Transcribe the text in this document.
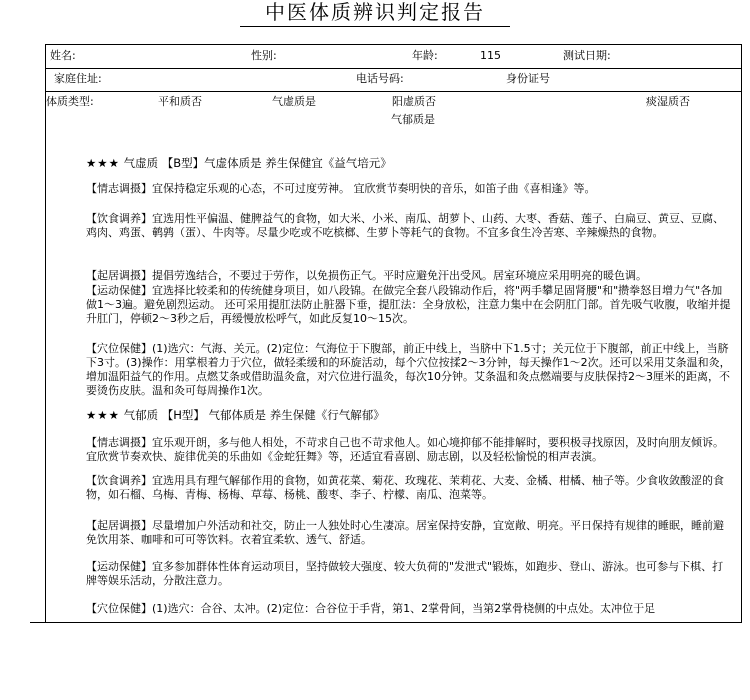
中医体质辨识判定报告
姓名:	性别:	年龄:	115	测试日期:
家庭住址:	电话号码:	身份证号
体质类型:	平和质否	气虚质是	阳虚质否	痰湿质否
气郁质是
★★★ 气虚质 【B型】气虚体质是 养生保健宜《益气培元》
【情志调摄】宜保持稳定乐观的心态，不可过度劳神。 宜欣赏节奏明快的音乐，如笛子曲《喜相逢》等。
【饮食调养】宜选用性平偏温、健脾益气的食物，如大米、小米、南瓜、胡萝卜、山药、大枣、香菇、莲子、白扁豆、黄豆、豆腐、鸡肉、鸡蛋、鹌鹑（蛋）、牛肉等。尽量少吃或不吃槟榔、生萝卜等耗气的食物。不宜多食生冷苦寒、辛辣燥热的食物。
【起居调摄】提倡劳逸结合，不要过于劳作，以免损伤正气。平时应避免汗出受风。居室环境应采用明亮的暖色调。
【运动保健】宜选择比较柔和的传统健身项目，如八段锦。在做完全套八段锦动作后，将"两手攀足固肾腰"和"攒拳怒目增力气"各加做1～3遍。避免剧烈运动。 还可采用提肛法防止脏器下垂，提肛法：全身放松，注意力集中在会阴肛门部。首先吸气收腹，收缩并提升肛门，停顿2～3秒之后，再缓慢放松呼气，如此反复10～15次。
【穴位保健】(1)选穴：气海、关元。(2)定位：气海位于下腹部，前正中线上，当脐中下1.5寸；关元位于下腹部，前正中线上，当脐下3寸。(3)操作：用掌根着力于穴位，做轻柔缓和的环旋活动，每个穴位按揉2～3分钟，每天操作1～2次。还可以采用艾条温和灸，增加温阳益气的作用。点燃艾条或借助温灸盒，对穴位进行温灸，每次10分钟。艾条温和灸点燃端要与皮肤保持2～3厘米的距离，不要烫伤皮肤。温和灸可每周操作1次。
★★★ 气郁质 【H型】 气郁体质是 养生保健《行气解郁》
【情志调摄】宜乐观开朗，多与他人相处，不苛求自己也不苛求他人。如心境抑郁不能排解时，要积极寻找原因，及时向朋友倾诉。宜欣赏节奏欢快、旋律优美的乐曲如《金蛇狂舞》等，还适宜看喜剧、励志剧，以及轻松愉悦的相声表演。
【饮食调养】宜选用具有理气解郁作用的食物，如黄花菜、菊花、玫瑰花、茉莉花、大麦、金橘、柑橘、柚子等。少食收敛酸涩的食物，如石榴、乌梅、青梅、杨梅、草莓、杨桃、酸枣、李子、柠檬、南瓜、泡菜等。
【起居调摄】尽量增加户外活动和社交，防止一人独处时心生凄凉。居室保持安静，宜宽敞、明亮。平日保持有规律的睡眠，睡前避免饮用茶、咖啡和可可等饮料。衣着宜柔软、透气、舒适。
【运动保健】宜多参加群体性体育运动项目，坚持做较大强度、较大负荷的"发泄式"锻炼，如跑步、登山、游泳。也可参与下棋、打牌等娱乐活动，分散注意力。
【穴位保健】(1)选穴：合谷、太冲。(2)定位：合谷位于手背，第1、2掌骨间，当第2掌骨桡侧的中点处。太冲位于足
